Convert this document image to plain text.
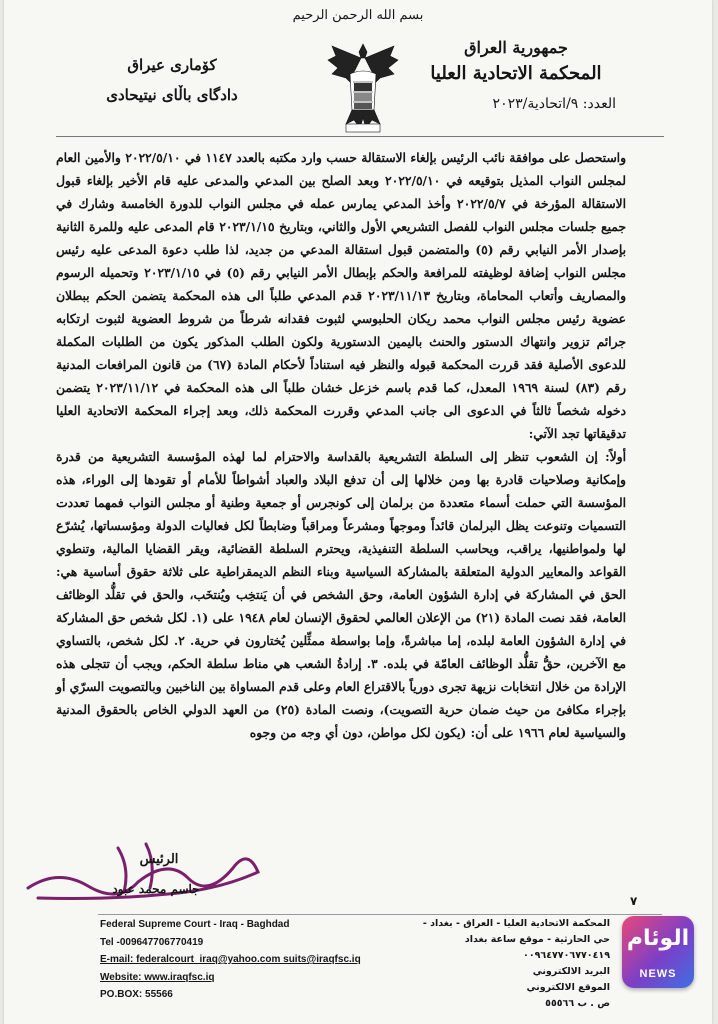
بسم الله الرحمن الرحيم
جمهورية العراق
المحكمة الاتحادية العليا
العدد: ٩/اتحادية/٢٠٢٣
كۆمارى عيراق
دادگاى باڵاى نيتيحادى

واستحصل على موافقة نائب الرئيس بإلغاء الاستقالة حسب وارد مكتبه بالعدد ١١٤٧ في ٢٠٢٢/٥/١٠ والأمين العام لمجلس النواب المذيل بتوقيعه في ٢٠٢٢/٥/١٠ وبعد الصلح بين المدعي والمدعى عليه قام الأخير بإلغاء قبول الاستقالة المؤرخة في ٢٠٢٢/٥/٧ وأخذ المدعي يمارس عمله في مجلس النواب للدورة الخامسة وشارك في جميع جلسات مجلس النواب للفصل التشريعي الأول والثاني، وبتاريخ ٢٠٢٣/١/١٥ قام المدعى عليه وللمرة الثانية بإصدار الأمر النيابي رقم (٥) والمتضمن قبول استقالة المدعي من جديد، لذا طلب دعوة المدعى عليه رئيس مجلس النواب إضافة لوظيفته للمرافعة والحكم بإبطال الأمر النيابي رقم (٥) في ٢٠٢٣/١/١٥ وتحميله الرسوم والمصاريف وأتعاب المحاماة، وبتاريخ ٢٠٢٣/١١/١٣ قدم المدعي طلباً الى هذه المحكمة يتضمن الحكم ببطلان عضوية رئيس مجلس النواب محمد ريكان الحلبوسي لثبوت فقدانه شرطاً من شروط العضوية لثبوت ارتكابه جرائم تزوير وانتهاك الدستور والحنث باليمين الدستورية ولكون الطلب المذكور يكون من الطلبات المكملة للدعوى الأصلية فقد قررت المحكمة قبوله والنظر فيه استناداً لأحكام المادة (٦٧) من قانون المرافعات المدنية رقم (٨٣) لسنة ١٩٦٩ المعدل، كما قدم باسم خزعل خشان طلباً الى هذه المحكمة في ٢٠٢٣/١١/١٢ يتضمن دخوله شخصاً ثالثاً في الدعوى الى جانب المدعي وقررت المحكمة ذلك، وبعد إجراء المحكمة الاتحادية العليا تدقيقاتها تجد الآتي:

أولاً: إن الشعوب تنظر إلى السلطة التشريعية بالقداسة والاحترام لما لهذه المؤسسة التشريعية من قدرة وإمكانية وصلاحيات قادرة بها ومن خلالها إلى أن تدفع البلاد والعباد أشواطاً للأمام أو تقودها إلى الوراء، هذه المؤسسة التي حملت أسماء متعددة من برلمان إلى كونجرس أو جمعية وطنية أو مجلس النواب فمهما تعددت التسميات وتنوعت يظل البرلمان قائداً وموجهاً ومشرعاً ومراقباً وضابطاً لكل فعاليات الدولة ومؤسساتها، يُشرّع لها ولمواطنيها، يراقب، ويحاسب السلطة التنفيذية، ويحترم السلطة القضائية، ويقر القضايا المالية، وتنطوي القواعد والمعايير الدولية المتعلقة بالمشاركة السياسية وبناء النظم الديمقراطية على ثلاثة حقوق أساسية هي: الحق في المشاركة في إدارة الشؤون العامة، وحق الشخص في أن يَنتخِب ويُنتخَب، والحق في تقلُّد الوظائف العامة، فقد نصت المادة (٢١) من الإعلان العالمي لحقوق الإنسان لعام ١٩٤٨ على (١. لكل شخص حق المشاركة في إدارة الشؤون العامة لبلده، إما مباشرةً، وإما بواسطة ممثِّلين يُختارون في حرية. ٢. لكل شخص، بالتساوي مع الآخرين، حقُّ تقلُّد الوظائف العامّة في بلده. ٣. إرادةُ الشعب هي مناط سلطة الحكم، ويجب أن تتجلى هذه الإرادة من خلال انتخابات نزيهة تجرى دورياً بالاقتراع العام وعلى قدم المساواة بين الناخبين وبالتصويت السرّي أو بإجراء مكافئ من حيث ضمان حرية التصويت)، ونصت المادة (٢٥) من العهد الدولي الخاص بالحقوق المدنية والسياسية لعام ١٩٦٦ على أن: (يكون لكل مواطن، دون أي وجه من وجوه

الرئيس
جاسم محمد عبود
٧
Federal Supreme Court - Iraq - Baghdad
Tel -009647706770419
E-mail: federalcourt_iraq@yahoo.com suits@iraqfsc.iq
Website: www.iraqfsc.iq
PO.BOX: 55566
المحكمة الاتحادية العليا - العراق - بغداد - حي الحارثية - موقع ساعة بغداد
٠٠٩٦٤٧٧٠٦٧٧٠٤١٩
البريد الالكتروني
الموقع الالكتروني
ص . ب ٥٥٥٦٦
الوئام
NEWS
